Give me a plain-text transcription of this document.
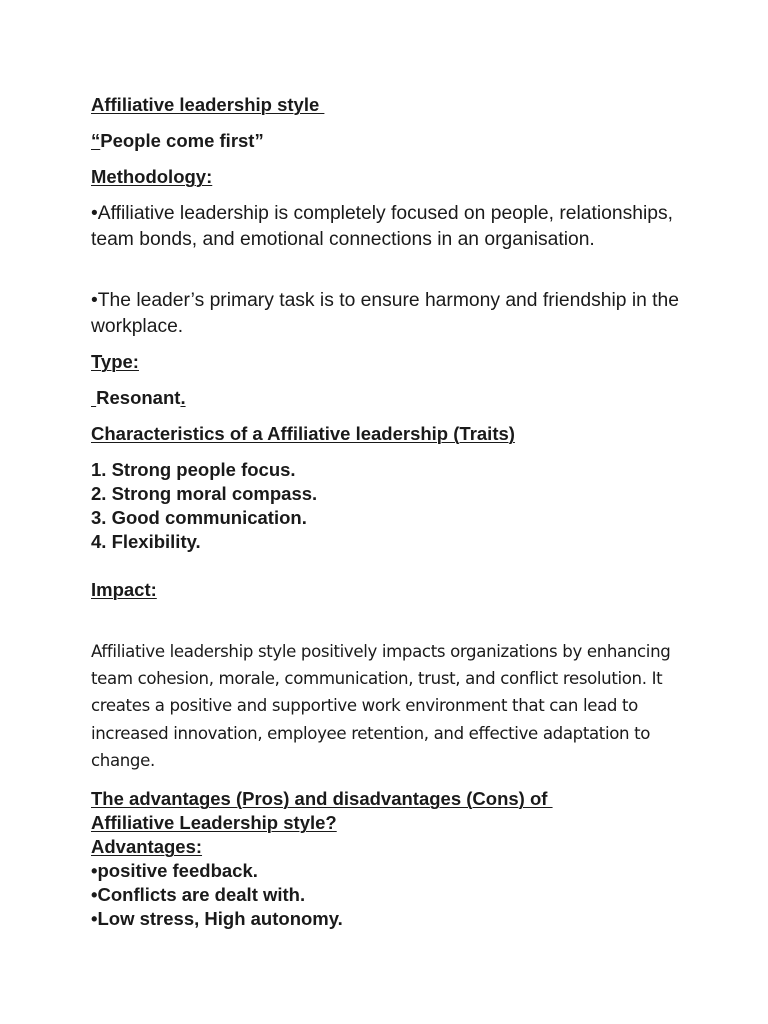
Affiliative leadership style
“People come first”
Methodology:
•Affiliative leadership is completely focused on people, relationships, team bonds, and emotional connections in an organisation.
•The leader’s primary task is to ensure harmony and friendship in the workplace.
Type:
Resonant.
Characteristics of a Affiliative leadership (Traits)
1. Strong people focus.
2. Strong moral compass.
3. Good communication.
4. Flexibility.
Impact:
Affiliative leadership style positively impacts organizations by enhancing team cohesion, morale, communication, trust, and conflict resolution. It creates a positive and supportive work environment that can lead to increased innovation, employee retention, and effective adaptation to change.
The advantages (Pros) and disadvantages (Cons) of
Affiliative Leadership style?
Advantages:
•positive feedback.
•Conflicts are dealt with.
•Low stress, High autonomy.
